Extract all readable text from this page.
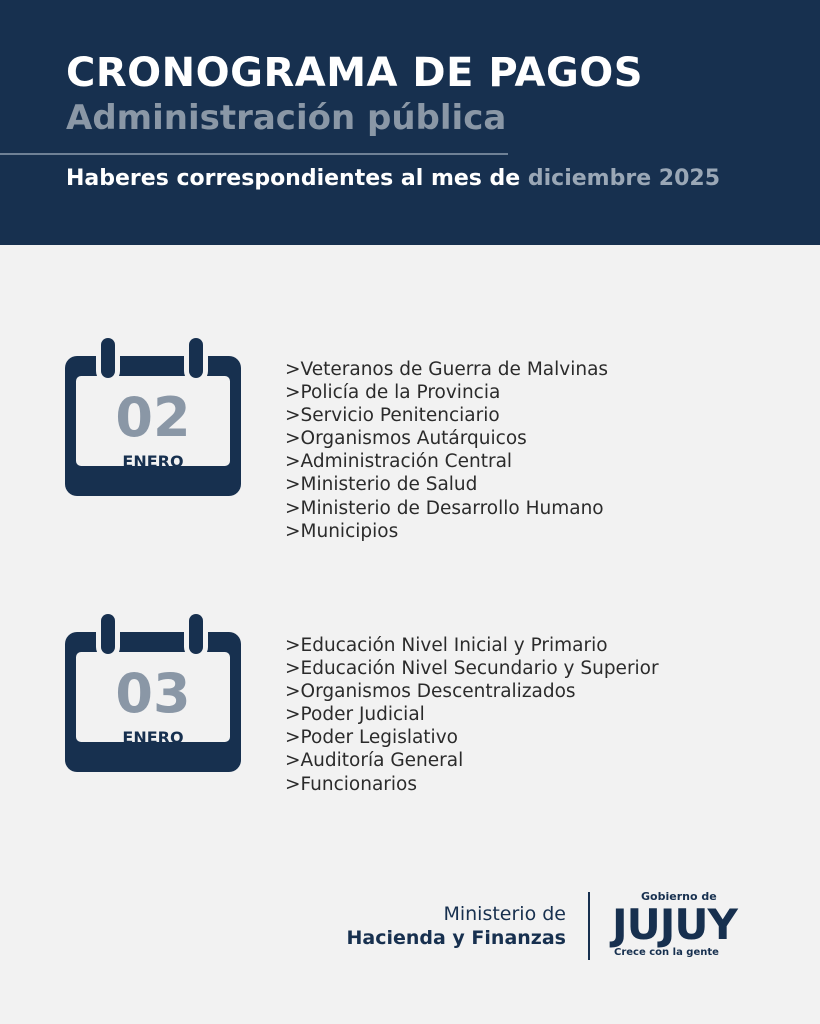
CRONOGRAMA DE PAGOS
Administración pública
Haberes correspondientes al mes de diciembre 2025
02
ENERO
> Veteranos de Guerra de Malvinas
> Policía de la Provincia
> Servicio Penitenciario
> Organismos Autárquicos
> Administración Central
> Ministerio de Salud
> Ministerio de Desarrollo Humano
> Municipios
03
ENERO
> Educación Nivel Inicial y Primario
> Educación Nivel Secundario y Superior
> Organismos Descentralizados
> Poder Judicial
> Poder Legislativo
> Auditoría General
> Funcionarios
Ministerio de
Hacienda y Finanzas
Gobierno de
JUJUY
Crece con la gente
